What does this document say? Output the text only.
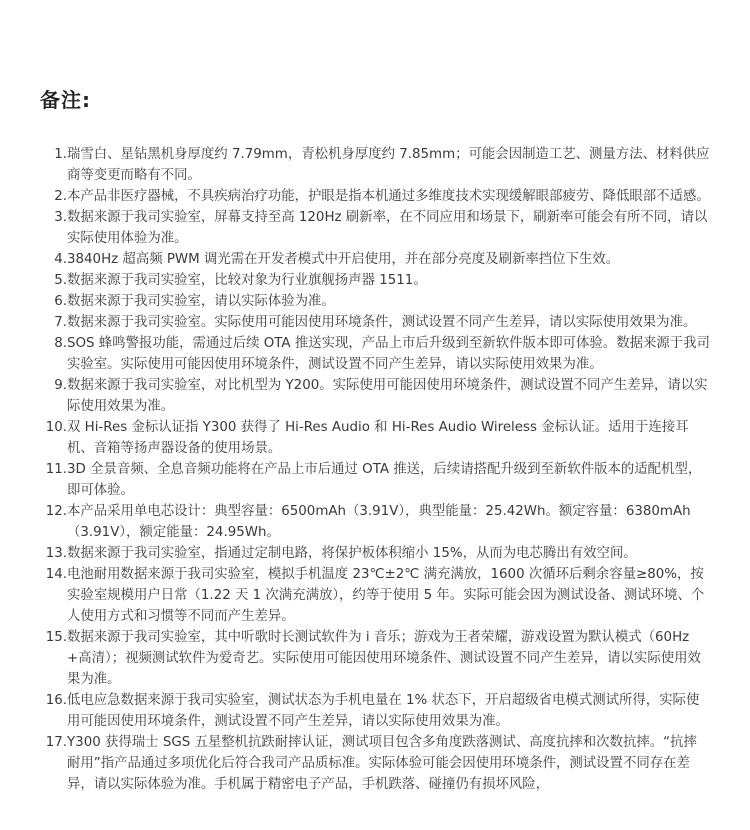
备注:
1. 瑞雪白、星钻黑机身厚度约 7.79mm，青松机身厚度约 7.85mm；可能会因制造工艺、测量方法、材料供应商等变更而略有不同。
2. 本产品非医疗器械，不具疾病治疗功能，护眼是指本机通过多维度技术实现缓解眼部疲劳、降低眼部不适感。
3. 数据来源于我司实验室，屏幕支持至高 120Hz 刷新率，在不同应用和场景下，刷新率可能会有所不同，请以实际使用体验为准。
4. 3840Hz 超高频 PWM 调光需在开发者模式中开启使用，并在部分亮度及刷新率挡位下生效。
5. 数据来源于我司实验室，比较对象为行业旗舰扬声器 1511。
6. 数据来源于我司实验室，请以实际体验为准。
7. 数据来源于我司实验室。实际使用可能因使用环境条件，测试设置不同产生差异，请以实际使用效果为准。
8. SOS 蜂鸣警报功能，需通过后续 OTA 推送实现，产品上市后升级到至新软件版本即可体验。数据来源于我司实验室。实际使用可能因使用环境条件，测试设置不同产生差异，请以实际使用效果为准。
9. 数据来源于我司实验室，对比机型为 Y200。实际使用可能因使用环境条件，测试设置不同产生差异，请以实际使用效果为准。
10. 双 Hi-Res 金标认证指 Y300 获得了 Hi-Res Audio 和 Hi-Res Audio Wireless 金标认证。适用于连接耳机、音箱等扬声器设备的使用场景。
11. 3D 全景音频、全息音频功能将在产品上市后通过 OTA 推送，后续请搭配升级到至新软件版本的适配机型，即可体验。
12. 本产品采用单电芯设计：典型容量：6500mAh（3.91V），典型能量：25.42Wh。额定容量：6380mAh（3.91V），额定能量：24.95Wh。
13. 数据来源于我司实验室，指通过定制电路，将保护板体积缩小 15%，从而为电芯腾出有效空间。
14. 电池耐用数据来源于我司实验室，模拟手机温度 23℃±2℃ 满充满放，1600 次循环后剩余容量≥80%，按实验室规模用户日常（1.22 天 1 次满充满放），约等于使用 5 年。实际可能会因为测试设备、测试环境、个人使用方式和习惯等不同而产生差异。
15. 数据来源于我司实验室，其中听歌时长测试软件为 i 音乐；游戏为王者荣耀，游戏设置为默认模式（60Hz+高清）；视频测试软件为爱奇艺。实际使用可能因使用环境条件、测试设置不同产生差异，请以实际使用效果为准。
16. 低电应急数据来源于我司实验室，测试状态为手机电量在 1% 状态下，开启超级省电模式测试所得，实际使用可能因使用环境条件，测试设置不同产生差异，请以实际使用效果为准。
17. Y300 获得瑞士 SGS 五星整机抗跌耐摔认证，测试项目包含多角度跌落测试、高度抗摔和次数抗摔。“抗摔耐用”指产品通过多项优化后符合我司产品质标准。实际体验可能会因使用环境条件，测试设置不同存在差异，请以实际体验为准。手机属于精密电子产品，手机跌落、碰撞仍有损坏风险，
